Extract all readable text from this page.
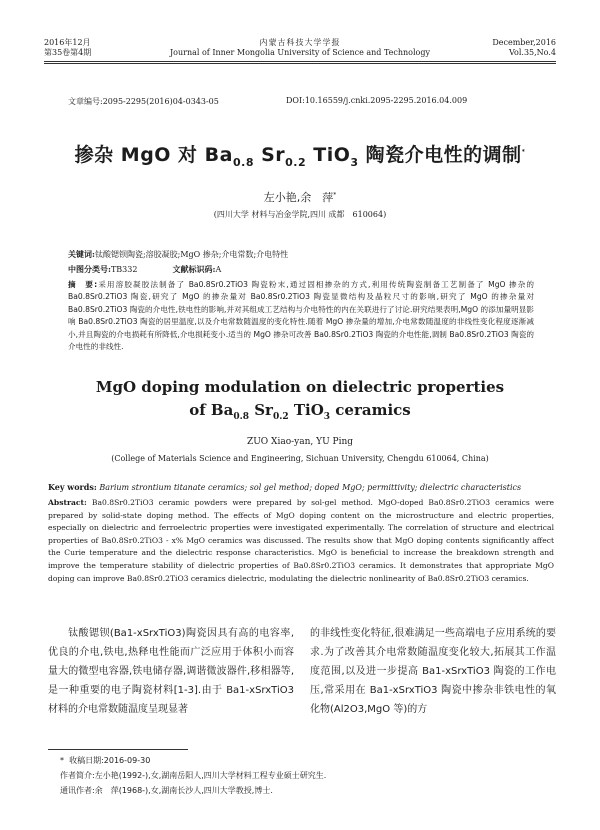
2016年12月
第35卷第4期
内蒙古科技大学学报
Journal of Inner Mongolia University of Science and Technology
December,2016
Vol.35,No.4
文章编号:2095-2295(2016)04-0343-05	DOI:10.16559/j.cnki.2095-2295.2016.04.009
掺杂 MgO 对 $Ba_{0.8}$ $Sr_{0.2}$ TiO$_3$ 陶瓷介电性的调制*
左小艳,余　萍*
(四川大学 材料与冶金学院,四川 成都　610064)
关键词:钛酸锶钡陶瓷;溶胶凝胶;MgO 掺杂;介电常数;介电特性
中图分类号:TB332	文献标识码:A
摘　要:采用溶胶凝胶法制备了 Ba0.8Sr0.2TiO3 陶瓷粉末,通过固相掺杂的方式,利用传统陶瓷制备工艺制备了 MgO 掺杂的 Ba0.8Sr0.2TiO3 陶瓷,研究了 MgO 的掺杂量对 Ba0.8Sr0.2TiO3 陶瓷显微结构及晶粒尺寸的影响,研究了 MgO 的掺杂量对 Ba0.8Sr0.2TiO3 陶瓷的介电性,铁电性的影响,并对其组成工艺结构与介电特性的内在关联进行了讨论.研究结果表明,MgO 的添加量明显影响 Ba0.8Sr0.2TiO3 陶瓷的居里温度,以及介电常数随温度的变化特性.随着 MgO 掺杂量的增加,介电常数随温度的非线性变化程度逐渐减小,并且陶瓷的介电损耗有所降低,介电损耗变小.适当的 MgO 掺杂可改善 Ba0.8Sr0.2TiO3 陶瓷的介电性能,调制 Ba0.8Sr0.2TiO3 陶瓷的介电性的非线性.
MgO doping modulation on dielectric properties
of $Ba_{0.8}$ $Sr_{0.2}$ TiO$_3$ ceramics
ZUO Xiao-yan, YU Ping
(College of Materials Science and Engineering, Sichuan University, Chengdu 610064, China)
Key words: Barium strontium titanate ceramics; sol gel method; doped MgO; permittivity; dielectric characteristics
Abstract: Ba0.8Sr0.2TiO3 ceramic powders were prepared by sol-gel method. MgO-doped Ba0.8Sr0.2TiO3 ceramics were prepared by solid-state doping method. The effects of MgO doping content on the microstructure and electric properties, especially on dielectric and ferroelectric properties were investigated experimentally. The correlation of structure and electrical properties of Ba0.8Sr0.2TiO3 - x% MgO ceramics was discussed. The results show that MgO doping contents significantly affect the Curie temperature and the dielectric response characteristics. MgO is beneficial to increase the breakdown strength and improve the temperature stability of dielectric properties of Ba0.8Sr0.2TiO3 ceramics. It demonstrates that appropriate MgO doping can improve Ba0.8Sr0.2TiO3 ceramics dielectric, modulating the dielectric nonlinearity of Ba0.8Sr0.2TiO3 ceramics.
钛酸锶钡(Ba1-xSrxTiO3)陶瓷因具有高的电容率,优良的介电,铁电,热释电性能而广泛应用于体积小而容量大的微型电容器,铁电储存器,调谐微波器件,移相器等,是一种重要的电子陶瓷材料[1-3].由于 Ba1-xSrxTiO3 材料的介电常数随温度呈现显著
的非线性变化特征,很难满足一些高端电子应用系统的要求.为了改善其介电常数随温度变化较大,拓展其工作温度范围,以及进一步提高 Ba1-xSrxTiO3 陶瓷的工作电压,常采用在 Ba1-xSrxTiO3 陶瓷中掺杂非铁电性的氧化物(Al2O3,MgO 等)的方
* 收稿日期:2016-09-30
作者简介:左小艳(1992-),女,湖南岳阳人,四川大学材料工程专业硕士研究生.
通讯作者:余　萍(1968-),女,湖南长沙人,四川大学教授,博士.
